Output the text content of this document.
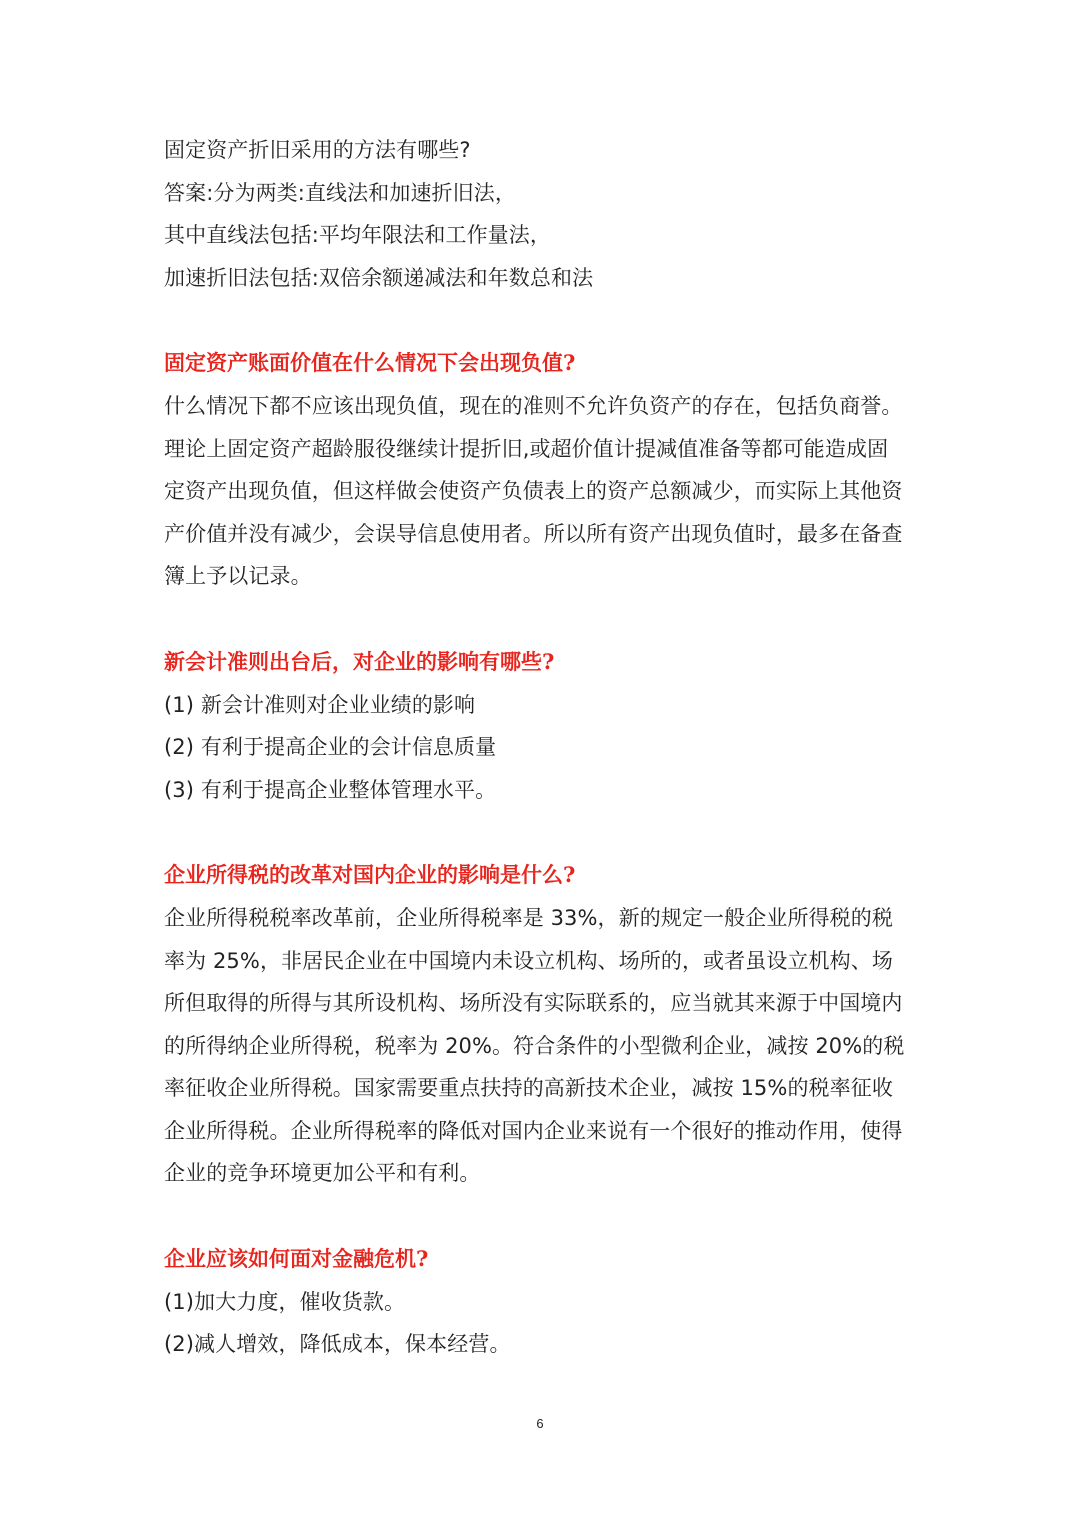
固定资产折旧采用的方法有哪些?
答案:分为两类:直线法和加速折旧法，
其中直线法包括:平均年限法和工作量法，
加速折旧法包括:双倍余额递减法和年数总和法
固定资产账面价值在什么情况下会出现负值?
什么情况下都不应该出现负值，现在的准则不允许负资产的存在，包括负商誉。
理论上固定资产超龄服役继续计提折旧,或超价值计提减值准备等都可能造成固
定资产出现负值，但这样做会使资产负债表上的资产总额减少，而实际上其他资
产价值并没有减少，会误导信息使用者。所以所有资产出现负值时，最多在备查
簿上予以记录。
新会计准则出台后，对企业的影响有哪些?
(1) 新会计准则对企业业绩的影响
(2) 有利于提高企业的会计信息质量
(3) 有利于提高企业整体管理水平。
企业所得税的改革对国内企业的影响是什么?
企业所得税税率改革前，企业所得税率是 33%，新的规定一般企业所得税的税
率为 25%，非居民企业在中国境内未设立机构、场所的，或者虽设立机构、场
所但取得的所得与其所设机构、场所没有实际联系的，应当就其来源于中国境内
的所得纳企业所得税，税率为 20%。符合条件的小型微利企业，减按 20%的税
率征收企业所得税。国家需要重点扶持的高新技术企业，减按 15%的税率征收
企业所得税。企业所得税率的降低对国内企业来说有一个很好的推动作用，使得
企业的竞争环境更加公平和有利。
企业应该如何面对金融危机?
(1)加大力度，催收货款。
(2)减人增效，降低成本，保本经营。
6
